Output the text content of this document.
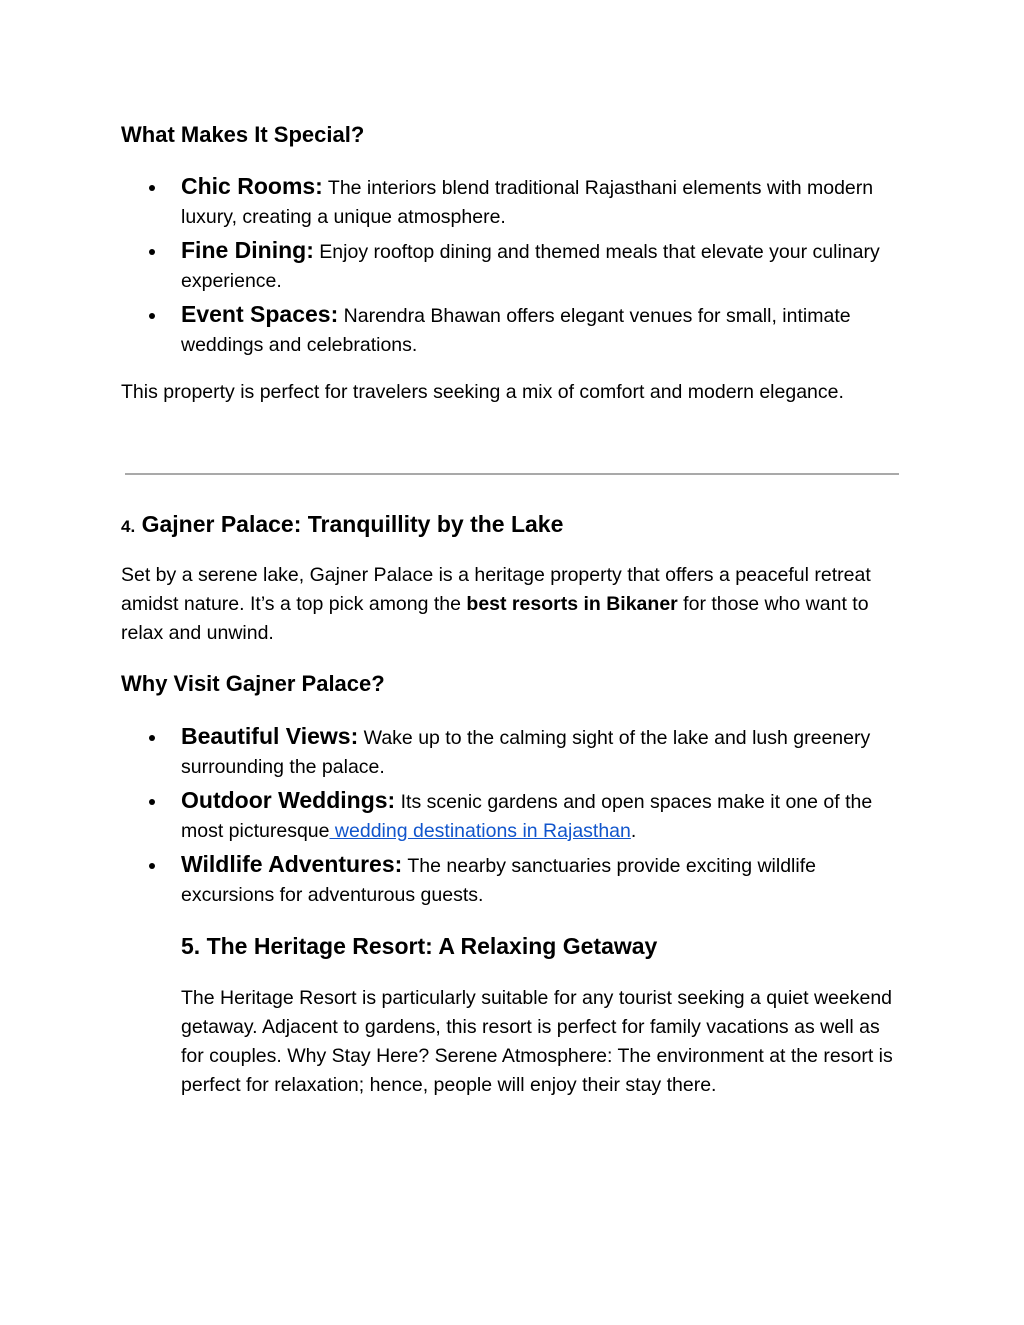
What Makes It Special?
Chic Rooms: The interiors blend traditional Rajasthani elements with modern luxury, creating a unique atmosphere.
Fine Dining: Enjoy rooftop dining and themed meals that elevate your culinary experience.
Event Spaces: Narendra Bhawan offers elegant venues for small, intimate weddings and celebrations.

This property is perfect for travelers seeking a mix of comfort and modern elegance.

4. Gajner Palace: Tranquillity by the Lake

Set by a serene lake, Gajner Palace is a heritage property that offers a peaceful retreat amidst nature. It’s a top pick among the best resorts in Bikaner for those who want to relax and unwind.

Why Visit Gajner Palace?
Beautiful Views: Wake up to the calming sight of the lake and lush greenery surrounding the palace.
Outdoor Weddings: Its scenic gardens and open spaces make it one of the most picturesque wedding destinations in Rajasthan.
Wildlife Adventures: The nearby sanctuaries provide exciting wildlife excursions for adventurous guests.
5. The Heritage Resort: A Relaxing Getaway

The Heritage Resort is particularly suitable for any tourist seeking a quiet weekend getaway. Adjacent to gardens, this resort is perfect for family vacations as well as for couples. Why Stay Here? Serene Atmosphere: The environment at the resort is perfect for relaxation; hence, people will enjoy their stay there.
